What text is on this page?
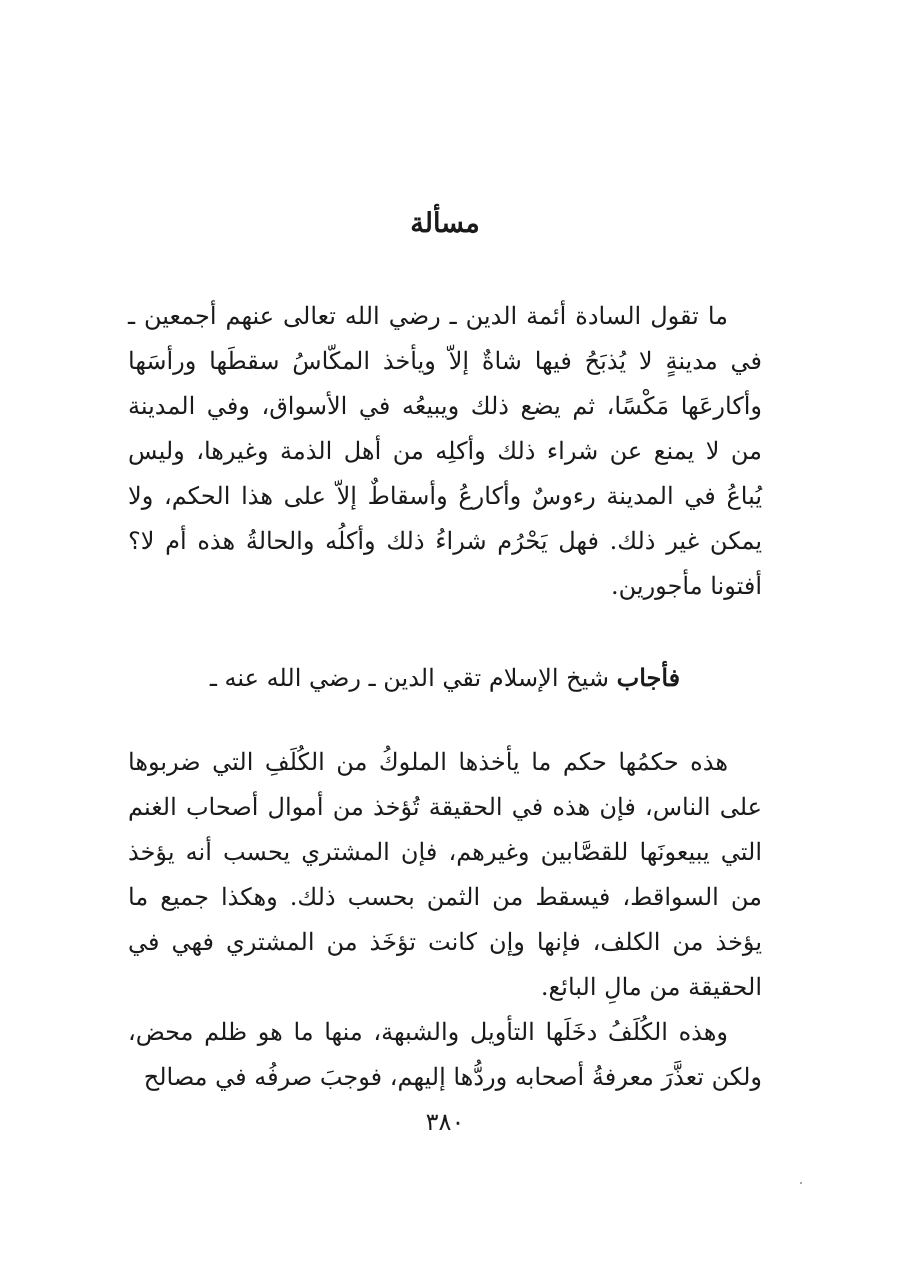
مسألة

ما تقول السادة أئمة الدين ـ رضي الله تعالى عنهم أجمعين ـ في مدينةٍ لا يُذبَحُ فيها شاةٌ إلاّ ويأخذ المكّاسُ سقطَها ورأسَها وأكارعَها مَكْسًا، ثم يضع ذلك ويبيعُه في الأسواق، وفي المدينة من لا يمنع عن شراء ذلك وأكلِه من أهل الذمة وغيرها، وليس يُباعُ في المدينة رءوسٌ وأكارعُ وأسقاطٌ إلاّ على هذا الحكم، ولا يمكن غير ذلك. فهل يَحْرُم شراءُ ذلك وأكلُه والحالةُ هذه أم لا؟ أفتونا مأجورين.

فأجاب شيخ الإسلام تقي الدين ـ رضي الله عنه ـ

هذه حكمُها حكم ما يأخذها الملوكُ من الكُلَفِ التي ضربوها على الناس، فإن هذه في الحقيقة تُؤخذ من أموال أصحاب الغنم التي يبيعونَها للقصَّابين وغيرهم، فإن المشتري يحسب أنه يؤخذ من السواقط، فيسقط من الثمن بحسب ذلك. وهكذا جميع ما يؤخذ من الكلف، فإنها وإن كانت تؤخَذ من المشتري فهي في الحقيقة من مالِ البائع.

وهذه الكُلَفُ دخَلَها التأويل والشبهة، منها ما هو ظلم محض، ولكن تعذَّرَ معرفةُ أصحابه وردُّها إليهم، فوجبَ صرفُه في مصالح

٣٨٠
